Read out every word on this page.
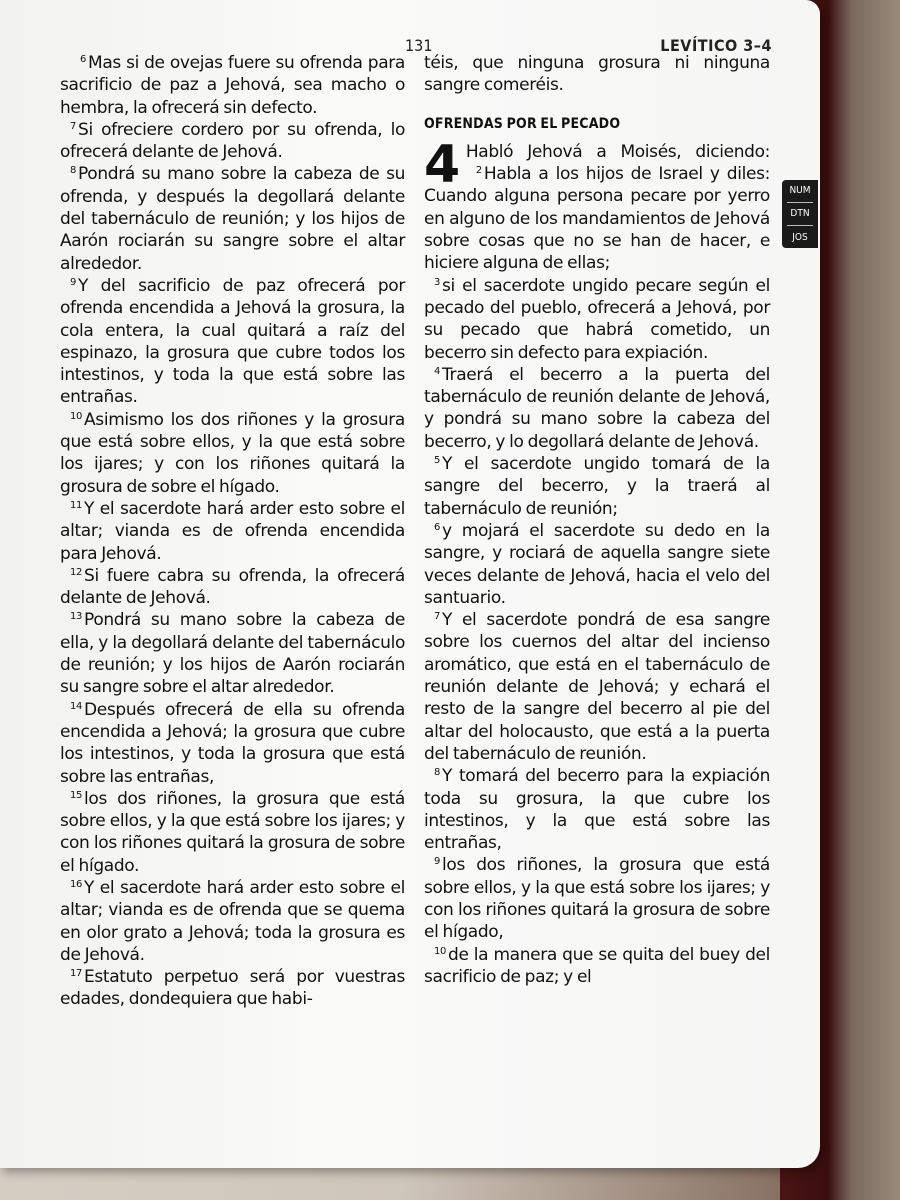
131	LEVÍTICO 3–4

$^6$ Mas si de ovejas fuere su ofrenda para sacrificio de paz a Jehová, sea macho o hembra, la ofrecerá sin defecto.

$^7$ Si ofreciere cordero por su ofrenda, lo ofrecerá delante de Jehová.

$^8$ Pondrá su mano sobre la cabeza de su ofrenda, y después la degollará delante del tabernáculo de reunión; y los hijos de Aarón rociarán su sangre sobre el altar alrededor.

$^9$ Y del sacrificio de paz ofrecerá por ofrenda encendida a Jehová la grosura, la cola entera, la cual quitará a raíz del espinazo, la grosura que cubre todos los intestinos, y toda la que está sobre las entrañas.

$^{10}$ Asimismo los dos riñones y la grosura que está sobre ellos, y la que está sobre los ijares; y con los riñones quitará la grosura de sobre el hígado.

$^{11}$ Y el sacerdote hará arder esto sobre el altar; vianda es de ofrenda encendida para Jehová.

$^{12}$ Si fuere cabra su ofrenda, la ofrecerá delante de Jehová.

$^{13}$ Pondrá su mano sobre la cabeza de ella, y la degollará delante del tabernáculo de reunión; y los hijos de Aarón rociarán su sangre sobre el altar alrededor.

$^{14}$ Después ofrecerá de ella su ofrenda encendida a Jehová; la grosura que cubre los intestinos, y toda la grosura que está sobre las entrañas,

$^{15}$ los dos riñones, la grosura que está sobre ellos, y la que está sobre los ijares; y con los riñones quitará la grosura de sobre el hígado.

$^{16}$ Y el sacerdote hará arder esto sobre el altar; vianda es de ofrenda que se quema en olor grato a Jehová; toda la grosura es de Jehová.

$^{17}$ Estatuto perpetuo será por vuestras edades, dondequiera que habi-

téis, que ninguna grosura ni ninguna sangre comeréis.

OFRENDAS POR EL PECADO

4 Habló Jehová a Moisés, diciendo: $^2$ Habla a los hijos de Israel y diles: Cuando alguna persona pecare por yerro en alguno de los mandamientos de Jehová sobre cosas que no se han de hacer, e hiciere alguna de ellas;

$^3$ si el sacerdote ungido pecare según el pecado del pueblo, ofrecerá a Jehová, por su pecado que habrá cometido, un becerro sin defecto para expiación.

$^4$ Traerá el becerro a la puerta del tabernáculo de reunión delante de Jehová, y pondrá su mano sobre la cabeza del becerro, y lo degollará delante de Jehová.

$^5$ Y el sacerdote ungido tomará de la sangre del becerro, y la traerá al tabernáculo de reunión;

$^6$ y mojará el sacerdote su dedo en la sangre, y rociará de aquella sangre siete veces delante de Jehová, hacia el velo del santuario.

$^7$ Y el sacerdote pondrá de esa sangre sobre los cuernos del altar del incienso aromático, que está en el tabernáculo de reunión delante de Jehová; y echará el resto de la sangre del becerro al pie del altar del holocausto, que está a la puerta del tabernáculo de reunión.

$^8$ Y tomará del becerro para la expiación toda su grosura, la que cubre los intestinos, y la que está sobre las entrañas,

$^9$ los dos riñones, la grosura que está sobre ellos, y la que está sobre los ijares; y con los riñones quitará la grosura de sobre el hígado,

$^{10}$ de la manera que se quita del buey del sacrificio de paz; y el

NUM
DTN
JOS
